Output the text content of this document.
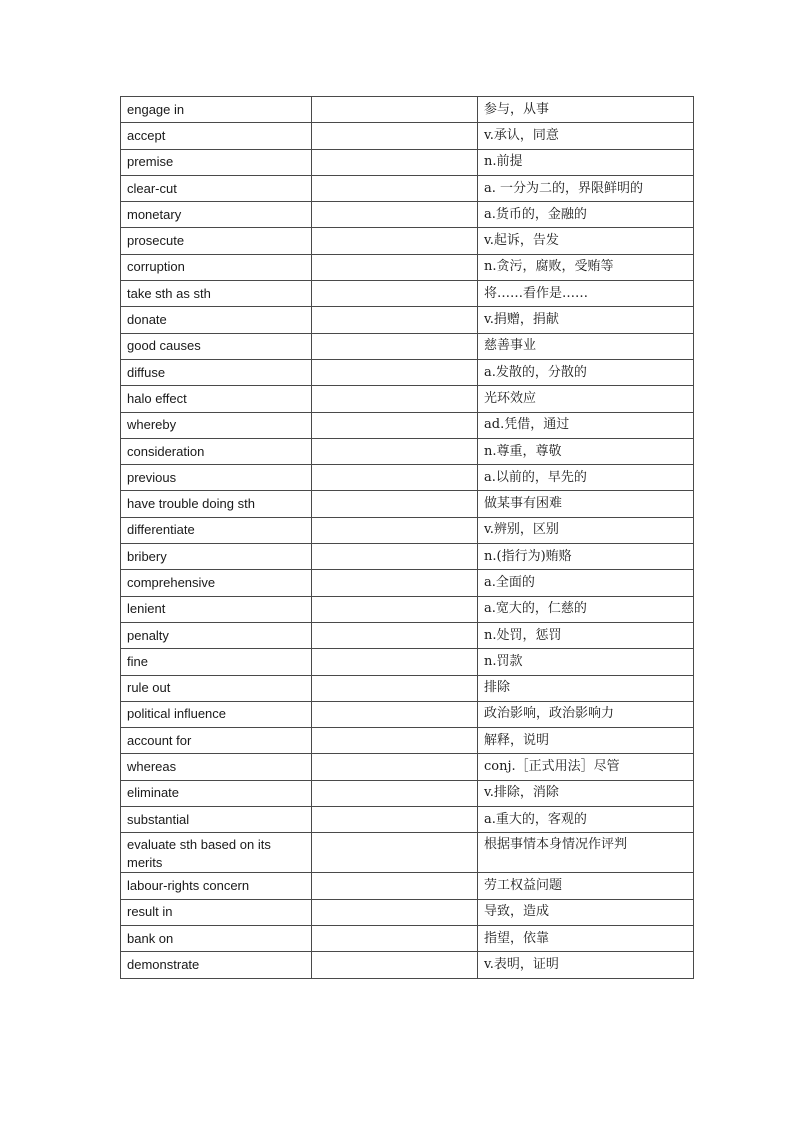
engage in		参与，从事
accept		v.承认，同意
premise		n.前提
clear-cut		a. 一分为二的，界限鲜明的
monetary		a.货币的，金融的
prosecute		v.起诉，告发
corruption		n.贪污，腐败，受贿等
take sth as sth		将……看作是……
donate		v.捐赠，捐献
good causes		慈善事业
diffuse		a.发散的，分散的
halo effect		光环效应
whereby		ad.凭借，通过
consideration		n.尊重，尊敬
previous		a.以前的，早先的
have trouble doing sth		做某事有困难
differentiate		v.辨别，区别
bribery		n.(指行为)贿赂
comprehensive		a.全面的
lenient		a.宽大的，仁慈的
penalty		n.处罚，惩罚
fine		n.罚款
rule out		排除
political influence		政治影响，政治影响力
account for		解释，说明
whereas		conj.［正式用法］尽管
eliminate		v.排除，消除
substantial		a.重大的，客观的
evaluate sth based on its merits		根据事情本身情况作评判
labour-rights concern		劳工权益问题
result in		导致，造成
bank on		指望，依靠
demonstrate		v.表明，证明
